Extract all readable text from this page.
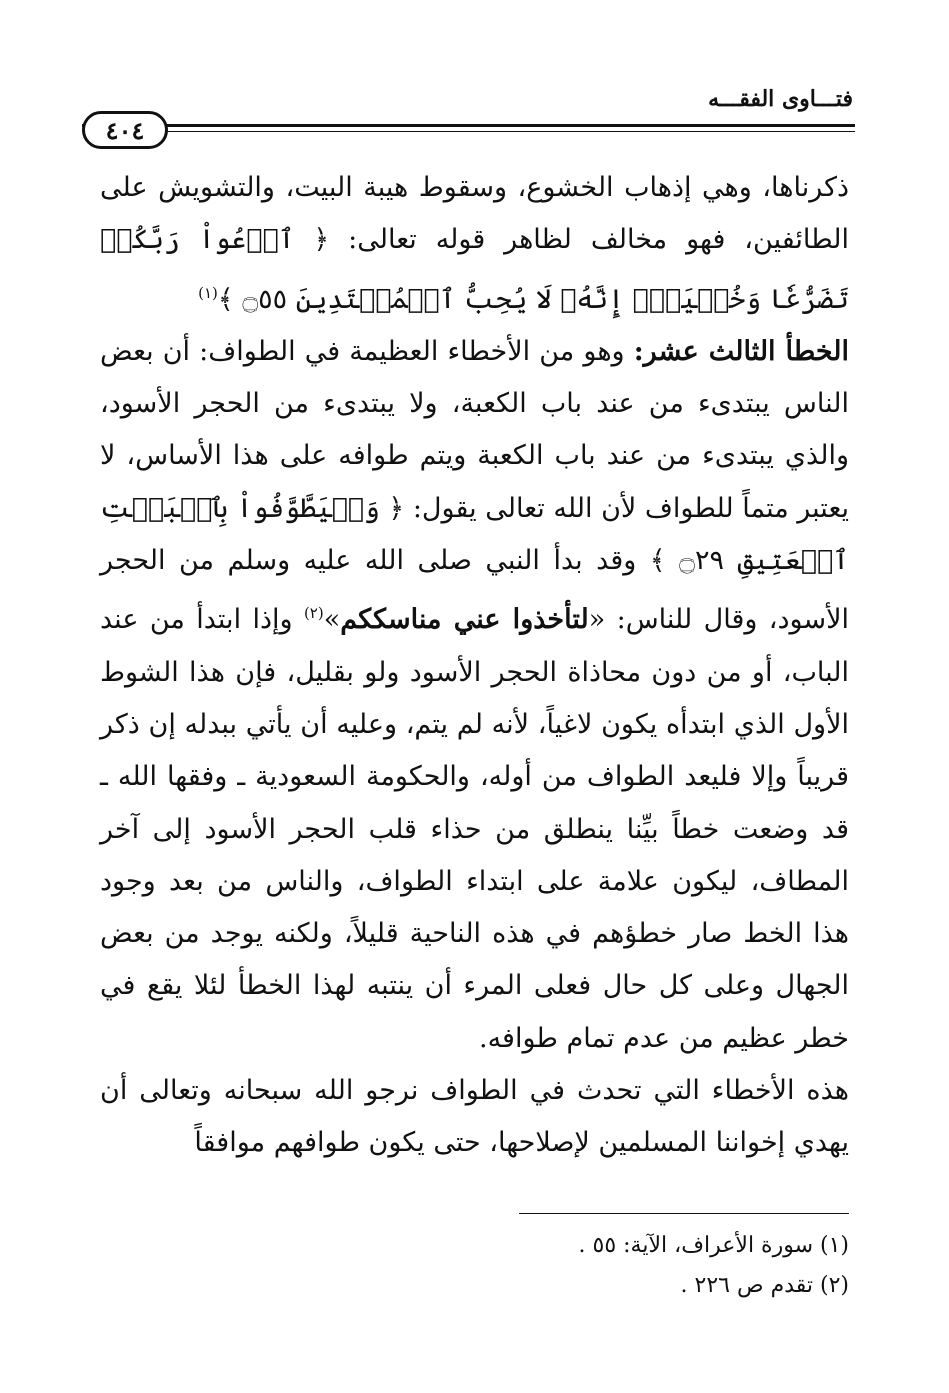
فتـــاوى الفقـــه
٤٠٤

ذكرناها، وهي إذهاب الخشوع، وسقوط هيبة البيت، والتشويش على الطائفين، فهو مخالف لظاهر قوله تعالى: ﴿ ٱدۡعُواْ رَبَّكُمۡ تَضَرُّعٗا وَخُفۡيَةًۚ إِنَّهُۥ لَا يُحِبُّ ٱلۡمُعۡتَدِينَ ۝٥٥ ﴾$^{(١)}$

الخطأ الثالث عشر: وهو من الأخطاء العظيمة في الطواف: أن بعض الناس يبتدىء من عند باب الكعبة، ولا يبتدىء من الحجر الأسود، والذي يبتدىء من عند باب الكعبة ويتم طوافه على هذا الأساس، لا يعتبر متماً للطواف لأن الله تعالى يقول: ﴿ وَلۡيَطَّوَّفُواْ بِٱلۡبَيۡتِ ٱلۡعَتِيقِ ۝٢٩ ﴾ وقد بدأ النبي صلى الله عليه وسلم من الحجر الأسود، وقال للناس: «لتأخذوا عني مناسككم»$^{(٢)}$ وإذا ابتدأ من عند الباب، أو من دون محاذاة الحجر الأسود ولو بقليل، فإن هذا الشوط الأول الذي ابتدأه يكون لاغياً، لأنه لم يتم، وعليه أن يأتي ببدله إن ذكر قريباً وإلا فليعد الطواف من أوله، والحكومة السعودية ـ وفقها الله ـ قد وضعت خطاً بيِّنا ينطلق من حذاء قلب الحجر الأسود إلى آخر المطاف، ليكون علامة على ابتداء الطواف، والناس من بعد وجود هذا الخط صار خطؤهم في هذه الناحية قليلاً، ولكنه يوجد من بعض الجهال وعلى كل حال فعلى المرء أن ينتبه لهذا الخطأ لئلا يقع في خطر عظيم من عدم تمام طوافه.

هذه الأخطاء التي تحدث في الطواف نرجو الله سبحانه وتعالى أن يهدي إخواننا المسلمين لإصلاحها، حتى يكون طوافهم موافقاً

(١) سورة الأعراف، الآية: ٥٥ .
(٢) تقدم ص ٢٢٦ .
